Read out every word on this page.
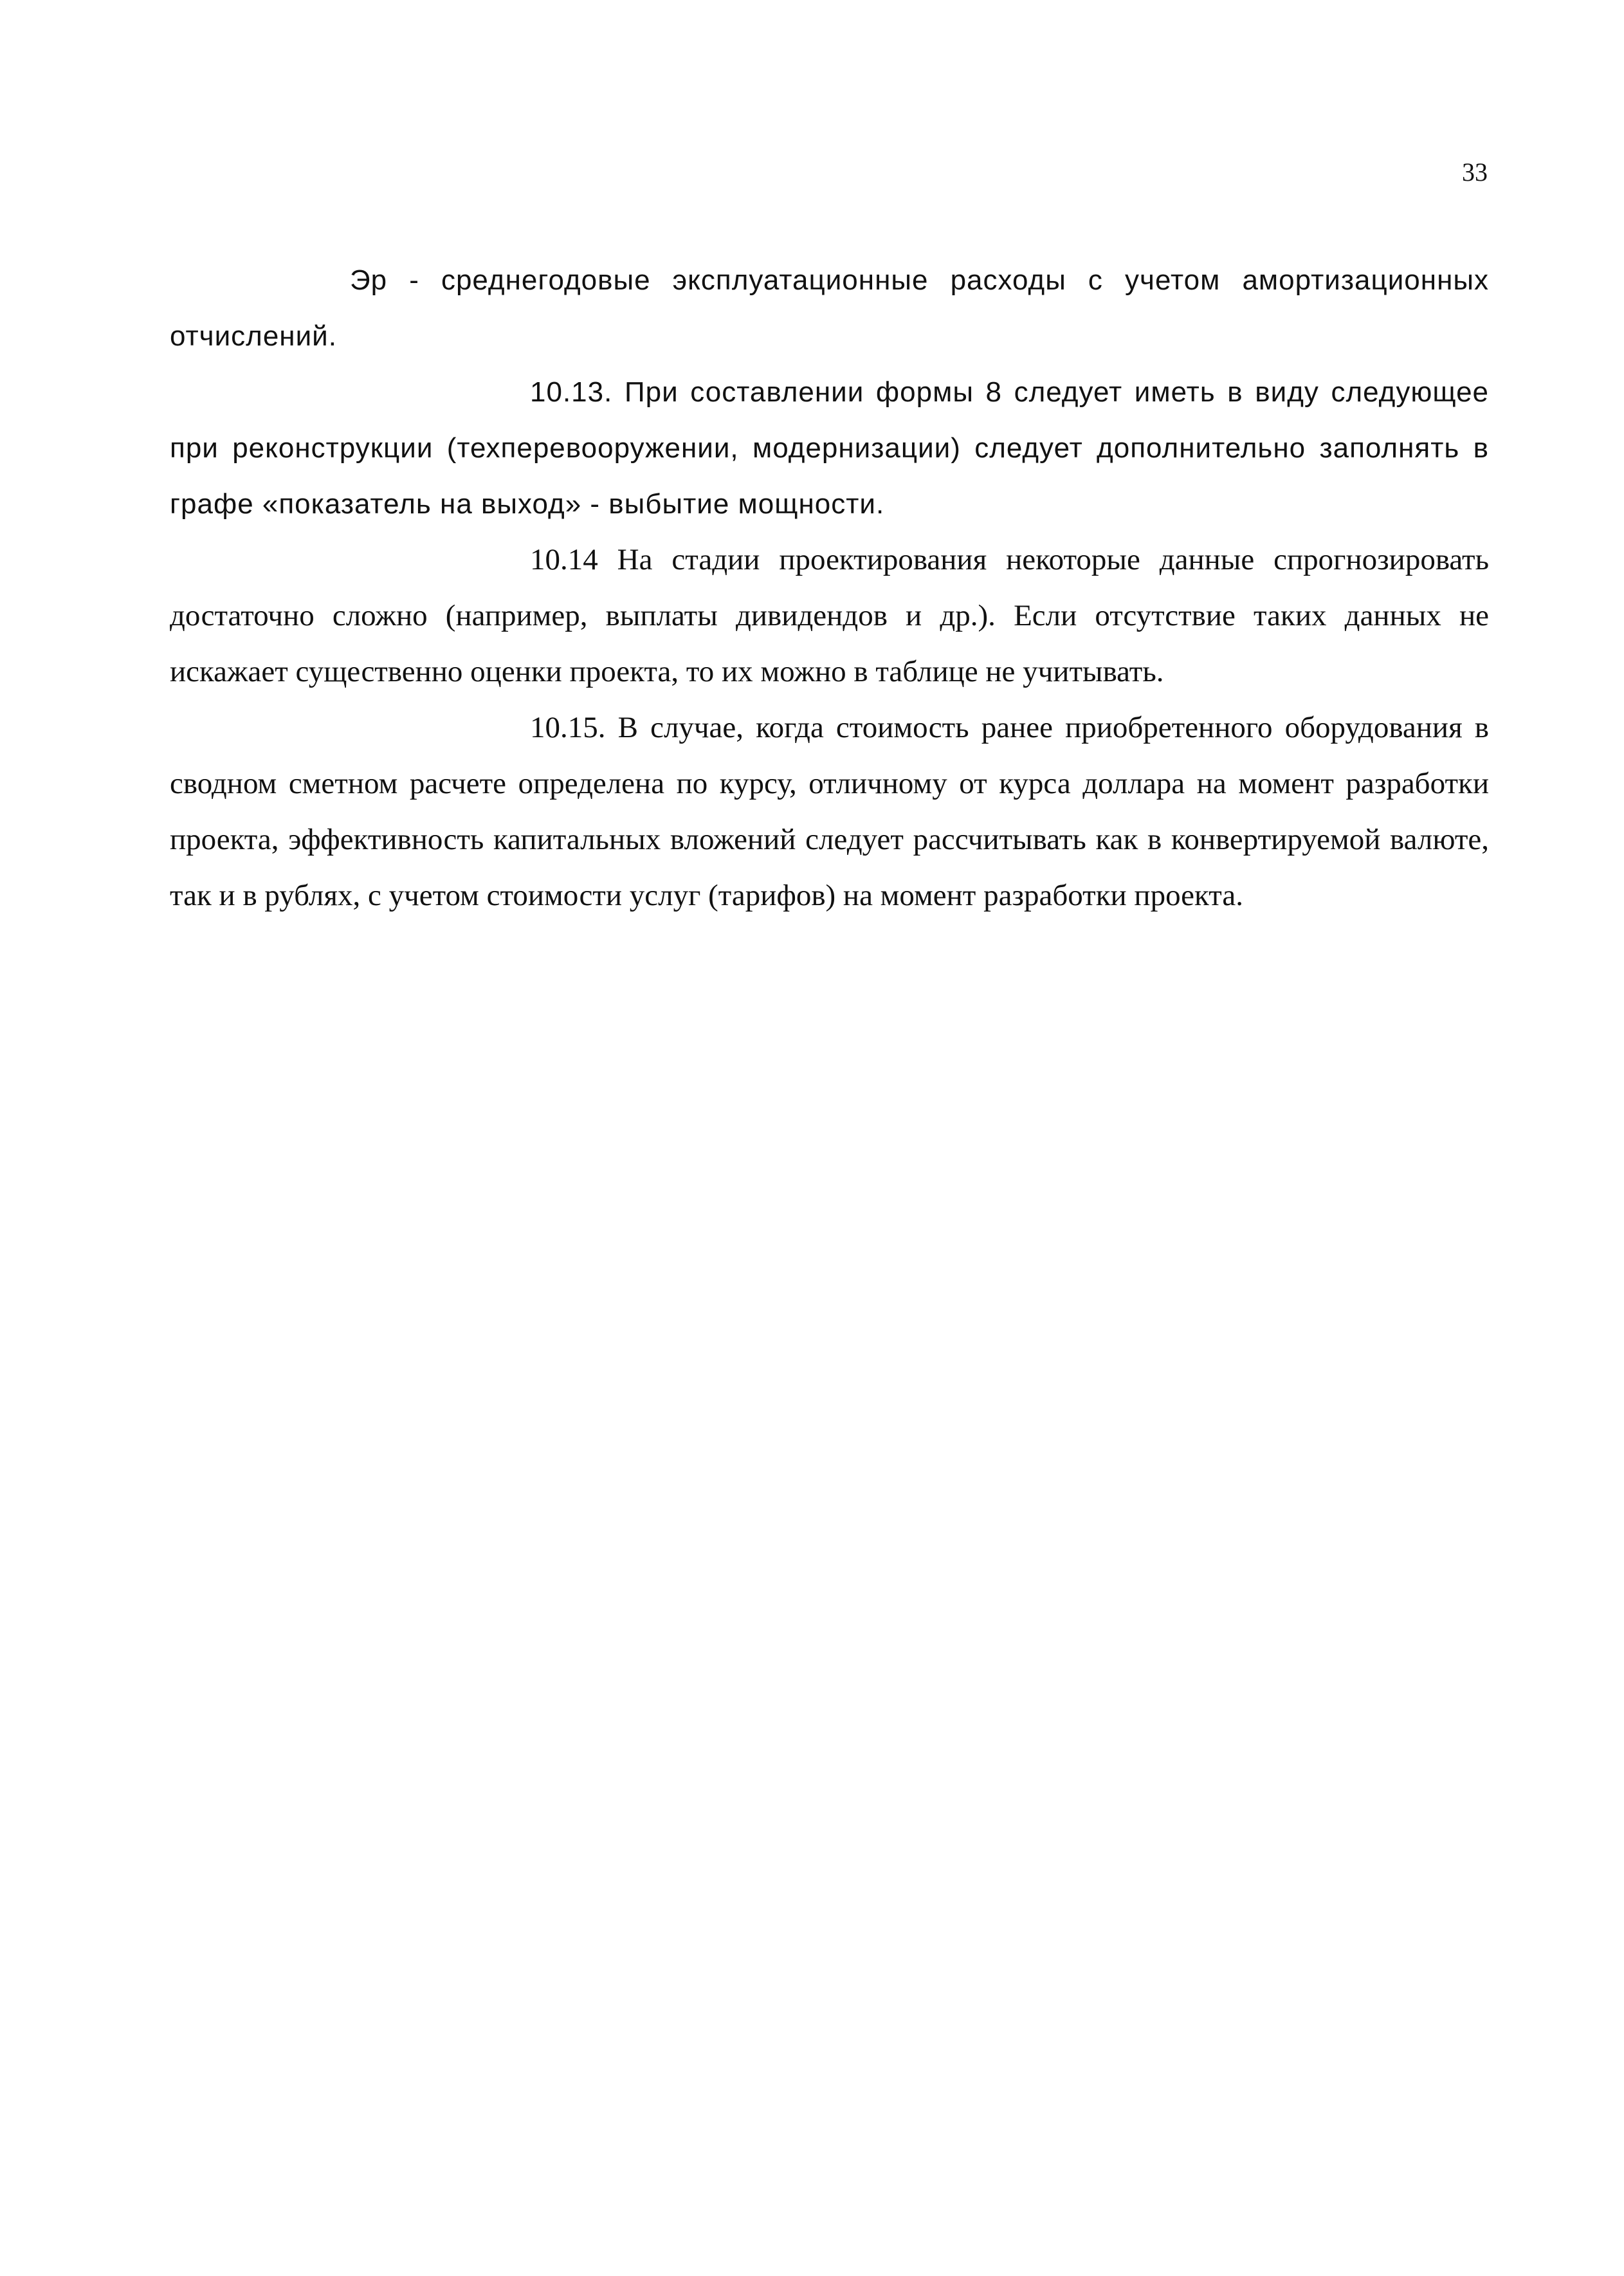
33

Эр - среднегодовые эксплуатационные расходы с учетом амортизационных отчислений.

10.13. При составлении формы 8 следует иметь в виду следующее при реконструкции (техперевооружении, модернизации) следует дополнительно заполнять в графе «показатель на выход» - выбытие мощности.

10.14 На стадии проектирования некоторые данные спрогнозировать достаточно сложно (например, выплаты дивидендов и др.). Если отсутствие таких данных не искажает существенно оценки проекта, то их можно в таблице не учитывать.

10.15. В случае, когда стоимость ранее приобретенного оборудования в сводном сметном расчете определена по курсу, отличному от курса доллара на момент разработки проекта, эффективность капитальных вложений следует рассчитывать как в конвертируемой валюте, так и в рублях, с учетом стоимости услуг (тарифов) на момент разработки проекта.
